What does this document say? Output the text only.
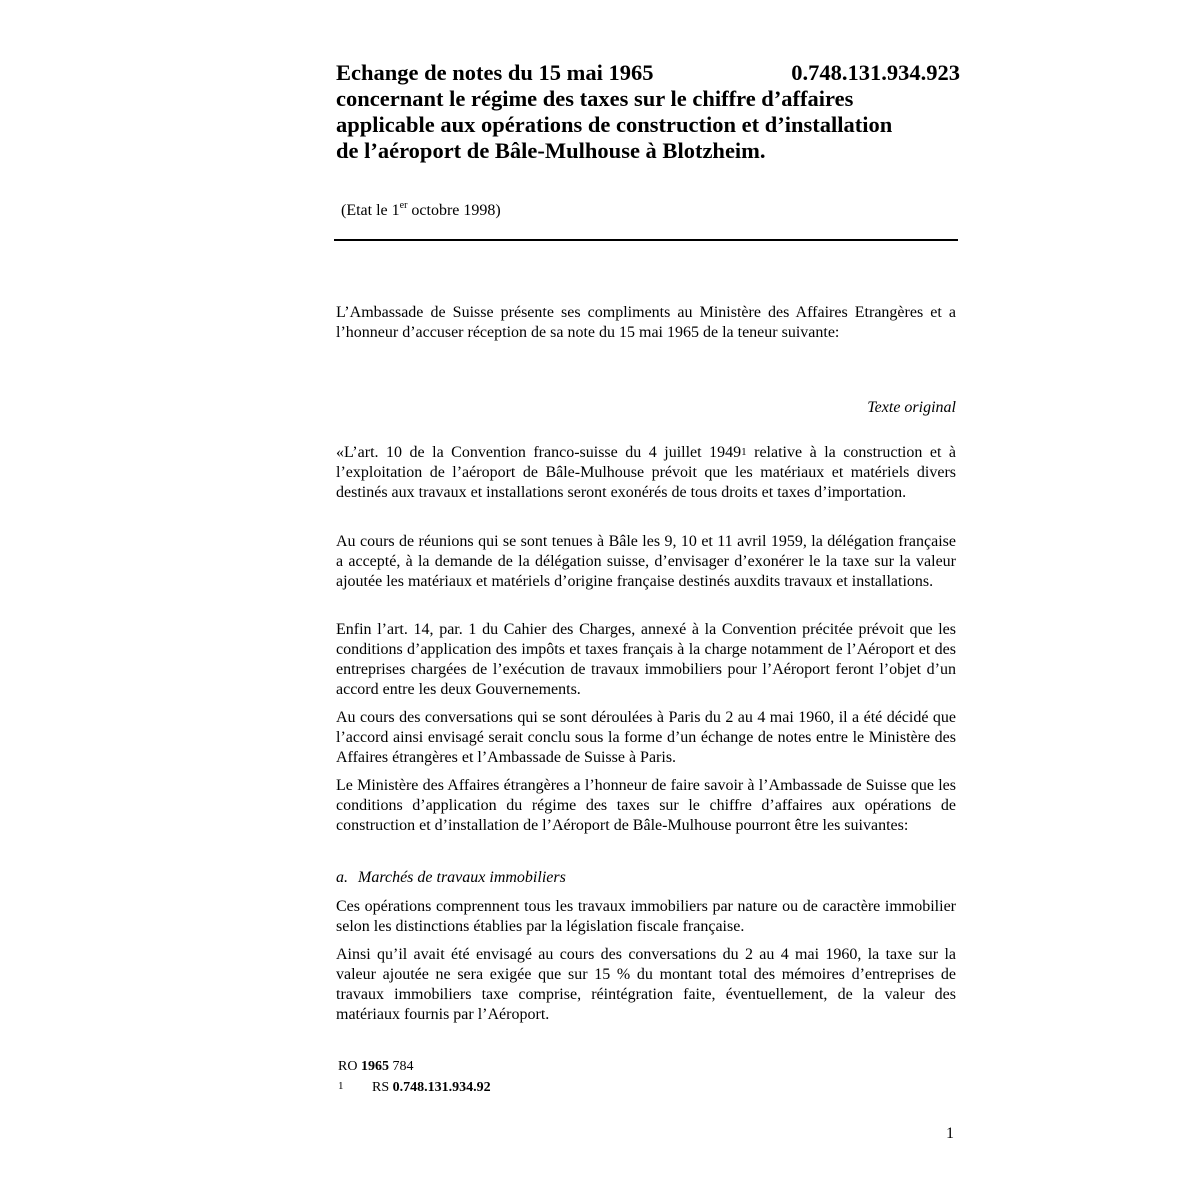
Echange de notes du 15 mai 1965	0.748.131.934.923
concernant le régime des taxes sur le chiffre d’affaires
applicable aux opérations de construction et d’installation
de l’aéroport de Bâle-Mulhouse à Blotzheim.
(Etat le 1er octobre 1998)

L’Ambassade de Suisse présente ses compliments au Ministère des Affaires Etrangères et a l’honneur d’accuser réception de sa note du 15 mai 1965 de la teneur suivante:

Texte original

«L’art. 10 de la Convention franco-suisse du 4 juillet 1949$^1$ relative à la construction et à l’exploitation de l’aéroport de Bâle-Mulhouse prévoit que les matériaux et matériels divers destinés aux travaux et installations seront exonérés de tous droits et taxes d’importation.

Au cours de réunions qui se sont tenues à Bâle les 9, 10 et 11 avril 1959, la délégation française a accepté, à la demande de la délégation suisse, d’envisager d’exonérer le la taxe sur la valeur ajoutée les matériaux et matériels d’origine française destinés auxdits travaux et installations.

Enfin l’art. 14, par. 1 du Cahier des Charges, annexé à la Convention précitée prévoit que les conditions d’application des impôts et taxes français à la charge notamment de l’Aéroport et des entreprises chargées de l’exécution de travaux immobiliers pour l’Aéroport feront l’objet d’un accord entre les deux Gouvernements.

Au cours des conversations qui se sont déroulées à Paris du 2 au 4 mai 1960, il a été décidé que l’accord ainsi envisagé serait conclu sous la forme d’un échange de notes entre le Ministère des Affaires étrangères et l’Ambassade de Suisse à Paris.

Le Ministère des Affaires étrangères a l’honneur de faire savoir à l’Ambassade de Suisse que les conditions d’application du régime des taxes sur le chiffre d’affaires aux opérations de construction et d’installation de l’Aéroport de Bâle-Mulhouse pourront être les suivantes:

a. Marchés de travaux immobiliers

Ces opérations comprennent tous les travaux immobiliers par nature ou de caractère immobilier selon les distinctions établies par la législation fiscale française.

Ainsi qu’il avait été envisagé au cours des conversations du 2 au 4 mai 1960, la taxe sur la valeur ajoutée ne sera exigée que sur 15 % du montant total des mémoires d’entreprises de travaux immobiliers taxe comprise, réintégration faite, éventuellement, de la valeur des matériaux fournis par l’Aéroport.

RO 1965 784
1 RS 0.748.131.934.92
1
